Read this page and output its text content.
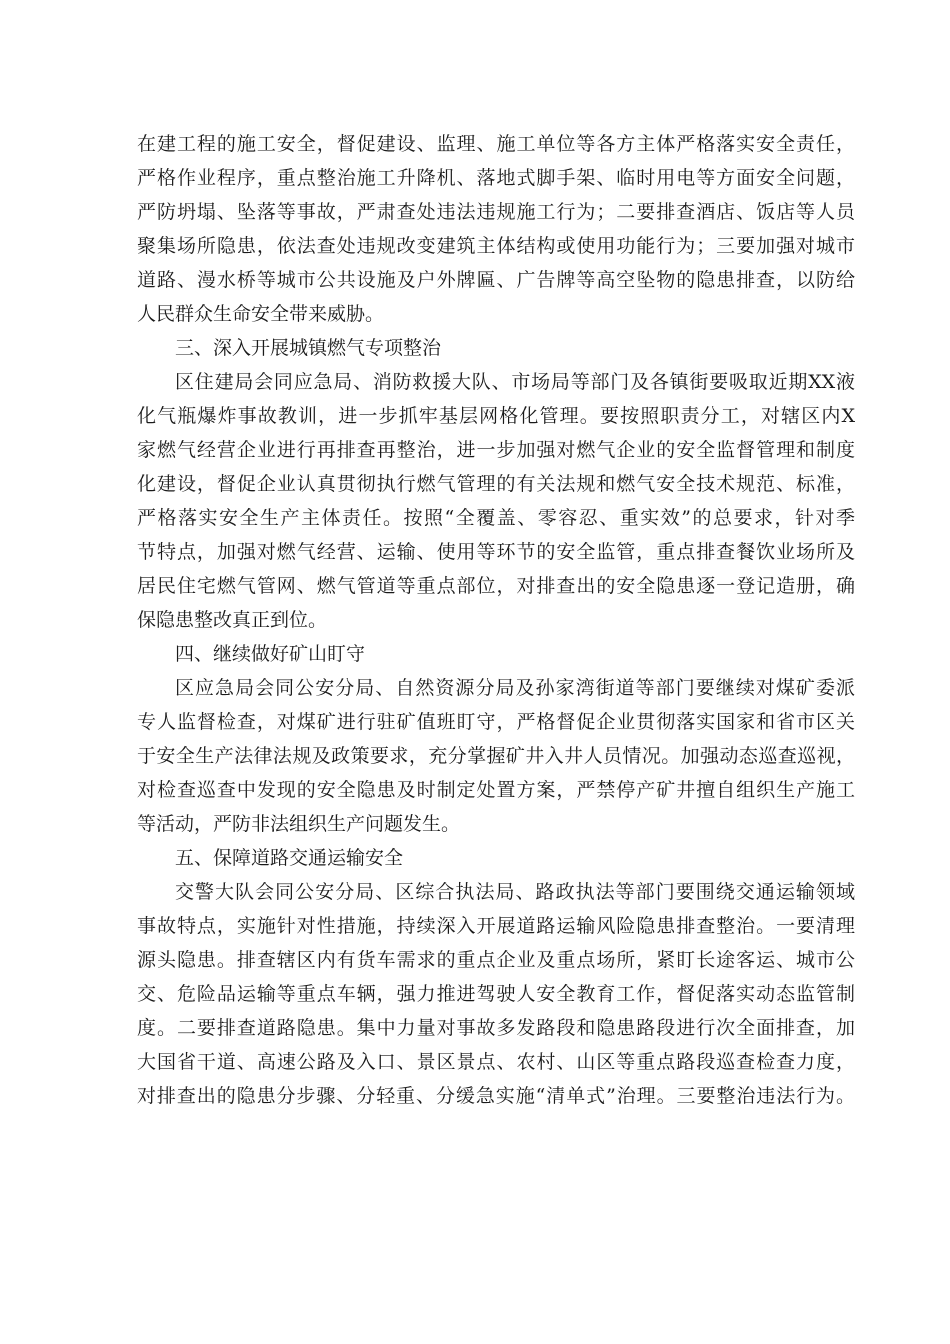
在建工程的施工安全，督促建设、监理、施工单位等各方主体严格落实安全责任，
严格作业程序，重点整治施工升降机、落地式脚手架、临时用电等方面安全问题，
严防坍塌、坠落等事故，严肃查处违法违规施工行为；二要排查酒店、饭店等人员
聚集场所隐患，依法查处违规改变建筑主体结构或使用功能行为；三要加强对城市
道路、漫水桥等城市公共设施及户外牌匾、广告牌等高空坠物的隐患排查，以防给
人民群众生命安全带来威胁。
三、深入开展城镇燃气专项整治
区住建局会同应急局、消防救援大队、市场局等部门及各镇街要吸取近期XX液
化气瓶爆炸事故教训，进一步抓牢基层网格化管理。要按照职责分工，对辖区内X
家燃气经营企业进行再排查再整治，进一步加强对燃气企业的安全监督管理和制度
化建设，督促企业认真贯彻执行燃气管理的有关法规和燃气安全技术规范、标准，
严格落实安全生产主体责任。按照“全覆盖、零容忍、重实效”的总要求，针对季
节特点，加强对燃气经营、运输、使用等环节的安全监管，重点排查餐饮业场所及
居民住宅燃气管网、燃气管道等重点部位，对排查出的安全隐患逐一登记造册，确
保隐患整改真正到位。
四、继续做好矿山盯守
区应急局会同公安分局、自然资源分局及孙家湾街道等部门要继续对煤矿委派
专人监督检查，对煤矿进行驻矿值班盯守，严格督促企业贯彻落实国家和省市区关
于安全生产法律法规及政策要求，充分掌握矿井入井人员情况。加强动态巡查巡视，
对检查巡查中发现的安全隐患及时制定处置方案，严禁停产矿井擅自组织生产施工
等活动，严防非法组织生产问题发生。
五、保障道路交通运输安全
交警大队会同公安分局、区综合执法局、路政执法等部门要围绕交通运输领域
事故特点，实施针对性措施，持续深入开展道路运输风险隐患排查整治。一要清理
源头隐患。排查辖区内有货车需求的重点企业及重点场所，紧盯长途客运、城市公
交、危险品运输等重点车辆，强力推进驾驶人安全教育工作，督促落实动态监管制
度。二要排查道路隐患。集中力量对事故多发路段和隐患路段进行次全面排查，加
大国省干道、高速公路及入口、景区景点、农村、山区等重点路段巡查检查力度，
对排查出的隐患分步骤、分轻重、分缓急实施“清单式”治理。三要整治违法行为。
